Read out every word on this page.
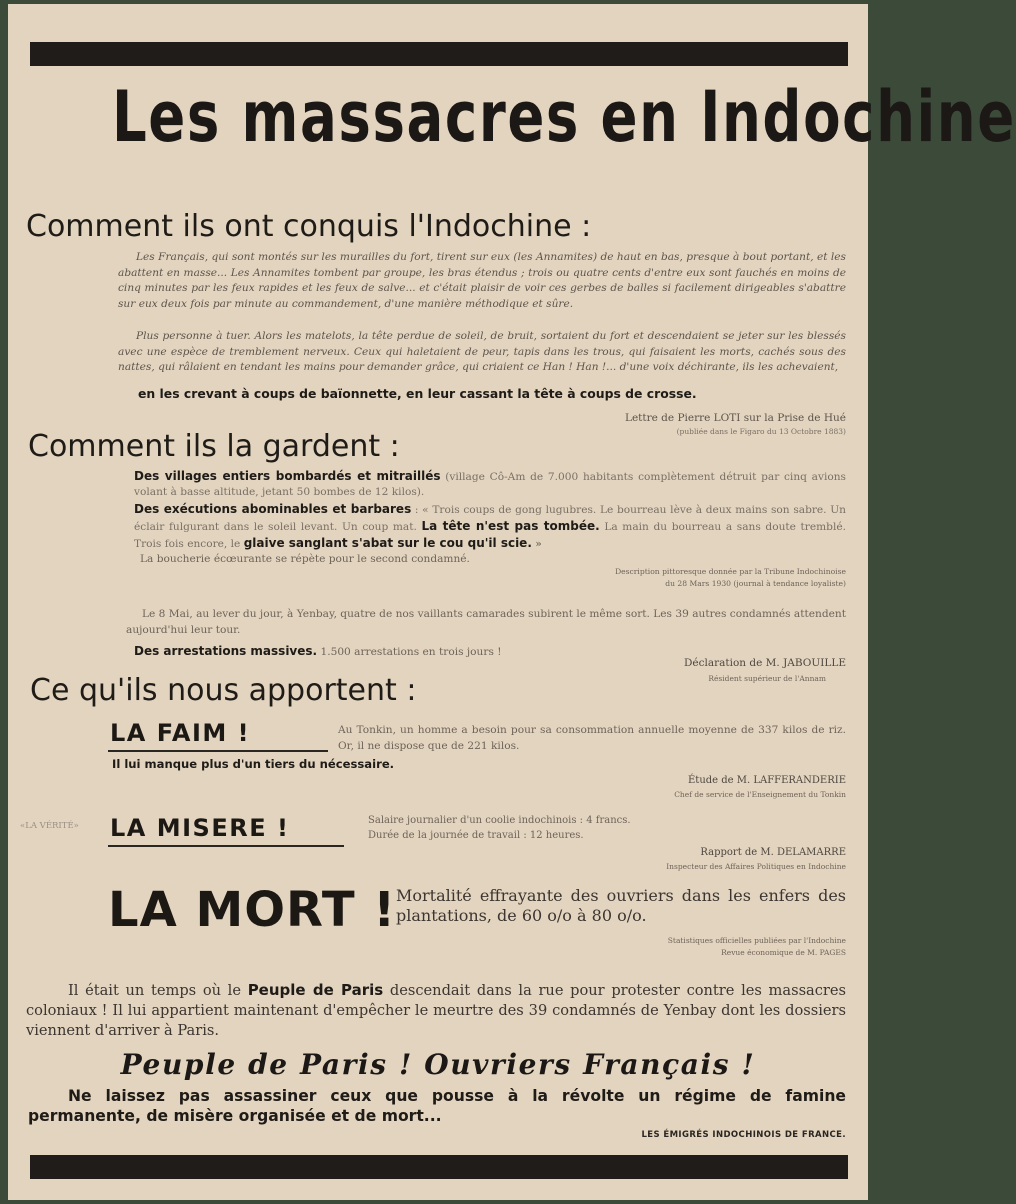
Les massacres en Indochine
Comment ils ont conquis l'Indochine :
Les Français, qui sont montés sur les murailles du fort, tirent sur eux (les Annamites) de haut en bas, presque à bout portant, et les abattent en masse... Les Annamites tombent par groupe, les bras étendus ; trois ou quatre cents d'entre eux sont fauchés en moins de cinq minutes par les feux rapides et les feux de salve... et c'était plaisir de voir ces gerbes de balles si facilement dirigeables s'abattre sur eux deux fois par minute au commandement, d'une manière méthodique et sûre.
Plus personne à tuer. Alors les matelots, la tête perdue de soleil, de bruit, sortaient du fort et descendaient se jeter sur les blessés avec une espèce de tremblement nerveux. Ceux qui haletaient de peur, tapis dans les trous, qui faisaient les morts, cachés sous des nattes, qui râlaient en tendant les mains pour demander grâce, qui criaient ce Han ! Han !... d'une voix déchirante, ils les achevaient,
en les crevant à coups de baïonnette, en leur cassant la tête à coups de crosse.
Lettre de Pierre LOTI sur la Prise de Hué
(publiée dans le Figaro du 13 Octobre 1883)
Comment ils la gardent :
Des villages entiers bombardés et mitraillés (village Cô-Am de 7.000 habitants complètement détruit par cinq avions volant à basse altitude, jetant 50 bombes de 12 kilos).
Des exécutions abominables et barbares : « Trois coups de gong lugubres. Le bourreau lève à deux mains son sabre. Un éclair fulgurant dans le soleil levant. Un coup mat. La tête n'est pas tombée. La main du bourreau a sans doute tremblé. Trois fois encore, le glaive sanglant s'abat sur le cou qu'il scie. »
La boucherie écœurante se répète pour le second condamné.
Description pittoresque donnée par la Tribune Indochinoise
du 28 Mars 1930 (journal à tendance loyaliste)
Le 8 Mai, au lever du jour, à Yenbay, quatre de nos vaillants camarades subirent le même sort. Les 39 autres condamnés attendent aujourd'hui leur tour.
Des arrestations massives. 1.500 arrestations en trois jours !
Déclaration de M. JABOUILLE
Résident supérieur de l'Annam
Ce qu'ils nous apportent :
LA FAIM !	Au Tonkin, un homme a besoin pour sa consommation annuelle moyenne de 337 kilos de riz. Or, il ne dispose que de 221 kilos.
Il lui manque plus d'un tiers du nécessaire.
Étude de M. LAFFERANDERIE
Chef de service de l'Enseignement du Tonkin
«LA VÉRITÉ»	LA MISERE !	Salaire journalier d'un coolie indochinois : 4 francs.
Durée de la journée de travail : 12 heures.
Rapport de M. DELAMARRE
Inspecteur des Affaires Politiques en Indochine
LA MORT ! Mortalité effrayante des ouvriers dans les enfers des plantations, de 60 o/o à 80 o/o.
Statistiques officielles publiées par l'Indochine
Revue économique de M. PAGES
Il était un temps où le Peuple de Paris descendait dans la rue pour protester contre les massacres coloniaux ! Il lui appartient maintenant d'empêcher le meurtre des 39 condamnés de Yenbay dont les dossiers viennent d'arriver à Paris.
Peuple de Paris ! Ouvriers Français !
Ne laissez pas assassiner ceux que pousse à la révolte un régime de famine permanente, de misère organisée et de mort...
LES ÉMIGRÉS INDOCHINOIS DE FRANCE.
